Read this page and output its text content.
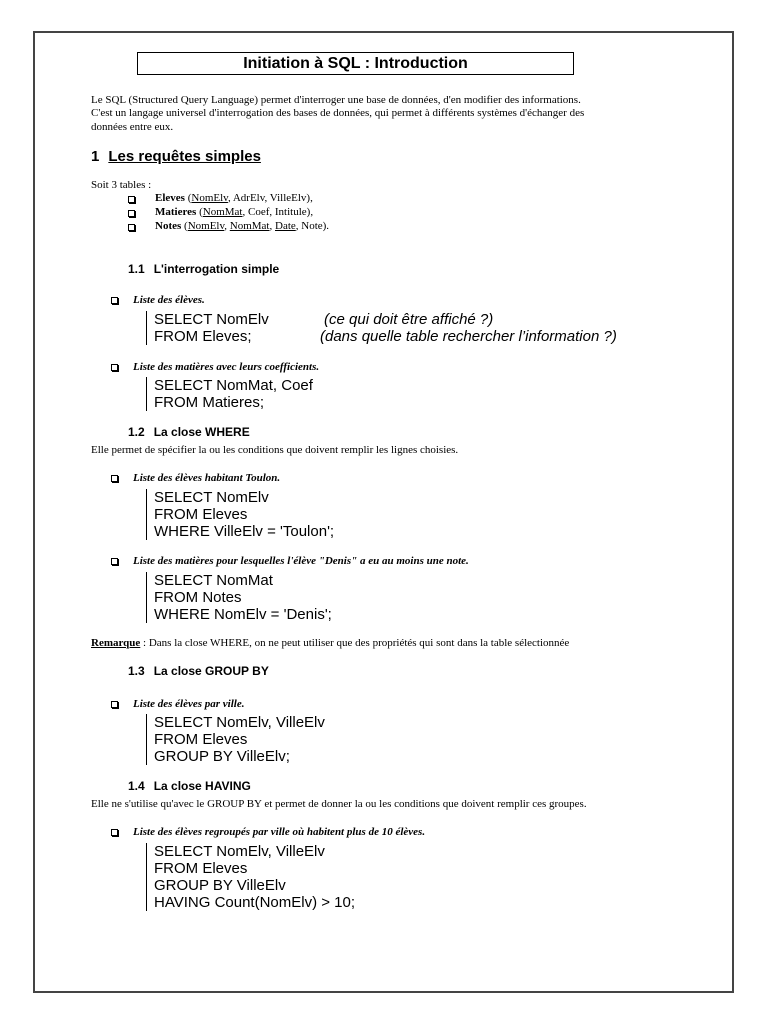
Initiation à SQL : Introduction
Le SQL (Structured Query Language) permet d'interroger une base de données, d'en modifier des informations.
C'est un langage universel d'interrogation des bases de données, qui permet à différents systèmes d'échanger des
données entre eux.
1 Les requêtes simples
Soit 3 tables :
Eleves (NomElv, AdrElv, VilleElv),
Matieres (NomMat, Coef, Intitule),
Notes (NomElv, NomMat, Date, Note).
1.1 L'interrogation simple
Liste des élèves.
SELECT NomElv
FROM Eleves;
(ce qui doit être affiché ?)
(dans quelle table rechercher l’information ?)
Liste des matières avec leurs coefficients.
SELECT NomMat, Coef
FROM Matieres;
1.2 La close WHERE
Elle permet de spécifier la ou les conditions que doivent remplir les lignes choisies.
Liste des élèves habitant Toulon.
SELECT NomElv
FROM Eleves
WHERE VilleElv = 'Toulon';
Liste des matières pour lesquelles l'élève "Denis" a eu au moins une note.
SELECT NomMat
FROM Notes
WHERE NomElv = 'Denis';
Remarque : Dans la close WHERE, on ne peut utiliser que des propriétés qui sont dans la table sélectionnée
1.3 La close GROUP BY
Liste des élèves par ville.
SELECT NomElv, VilleElv
FROM Eleves
GROUP BY VilleElv;
1.4 La close HAVING
Elle ne s'utilise qu'avec le GROUP BY et permet de donner la ou les conditions que doivent remplir ces groupes.
Liste des élèves regroupés par ville où habitent plus de 10 élèves.
SELECT NomElv, VilleElv
FROM Eleves
GROUP BY VilleElv
HAVING Count(NomElv) > 10;
